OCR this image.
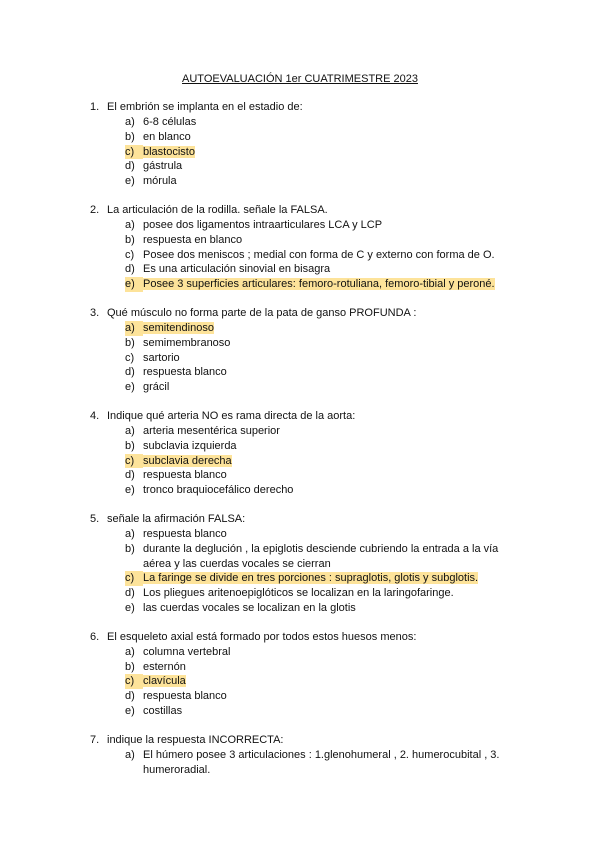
AUTOEVALUACIÓN 1er CUATRIMESTRE 2023
1. El embrión se implanta en el estadio de:
a) 6-8 células
b) en blanco
c) blastocisto
d) gástrula
e) mórula
2. La articulación de la rodilla. señale la FALSA.
a) posee dos ligamentos intraarticulares LCA y LCP
b) respuesta en blanco
c) Posee dos meniscos ; medial con forma de C y externo con forma de O.
d) Es una articulación sinovial en bisagra
e) Posee 3 superficies articulares: femoro-rotuliana, femoro-tibial y peroné.
3. Qué músculo no forma parte de la pata de ganso PROFUNDA :
a) semitendinoso
b) semimembranoso
c) sartorio
d) respuesta blanco
e) grácil
4. Indique qué arteria NO es rama directa de la aorta:
a) arteria mesentérica superior
b) subclavia izquierda
c) subclavia derecha
d) respuesta blanco
e) tronco braquiocefálico derecho
5. señale la afirmación FALSA:
a) respuesta blanco
b) durante la deglución , la epiglotis desciende cubriendo la entrada a la vía aérea y las cuerdas vocales se cierran
c) La faringe se divide en tres porciones : supraglotis, glotis y subglotis.
d) Los pliegues aritenoepiglóticos se localizan en la laringofaringe.
e) las cuerdas vocales se localizan en la glotis
6. El esqueleto axial está formado por todos estos huesos menos:
a) columna vertebral
b) esternón
c) clavícula
d) respuesta blanco
e) costillas
7. indique la respuesta INCORRECTA:
a) El húmero posee 3 articulaciones : 1.glenohumeral , 2. humerocubital , 3. humeroradial.
